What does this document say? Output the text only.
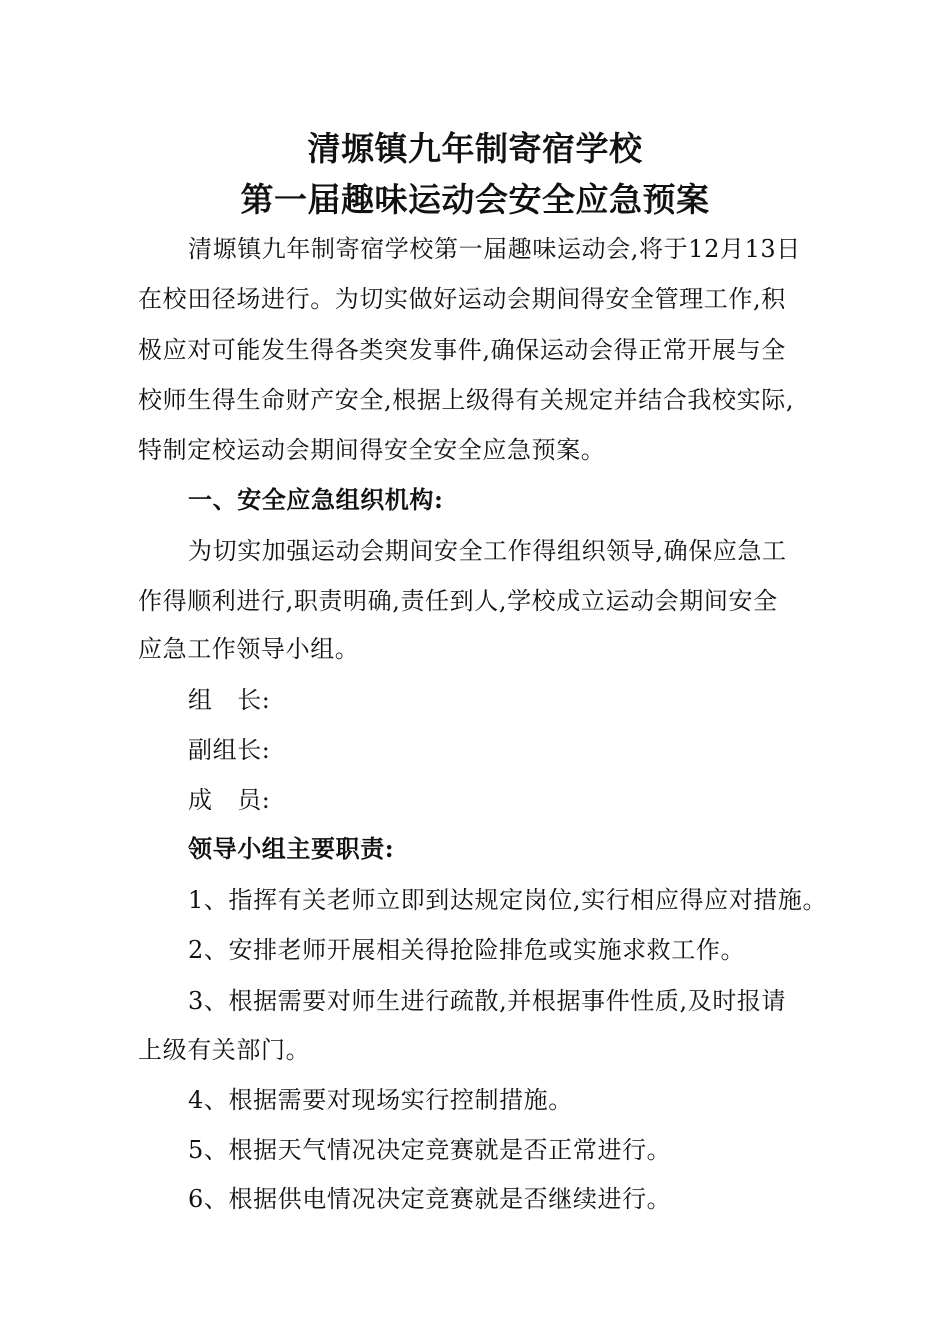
清塬镇九年制寄宿学校
第一届趣味运动会安全应急预案
清塬镇九年制寄宿学校第一届趣味运动会,将于12月13日
在校田径场进行。为切实做好运动会期间得安全管理工作,积
极应对可能发生得各类突发事件,确保运动会得正常开展与全
校师生得生命财产安全,根据上级得有关规定并结合我校实际,
特制定校运动会期间得安全安全应急预案。
一、安全应急组织机构:
为切实加强运动会期间安全工作得组织领导,确保应急工
作得顺利进行,职责明确,责任到人,学校成立运动会期间安全
应急工作领导小组。
组　长:
副组长:
成　员:
领导小组主要职责:
1、指挥有关老师立即到达规定岗位,实行相应得应对措施。
2、安排老师开展相关得抢险排危或实施求救工作。
3、根据需要对师生进行疏散,并根据事件性质,及时报请
上级有关部门。
4、根据需要对现场实行控制措施。
5、根据天气情况决定竞赛就是否正常进行。
6、根据供电情况决定竞赛就是否继续进行。
